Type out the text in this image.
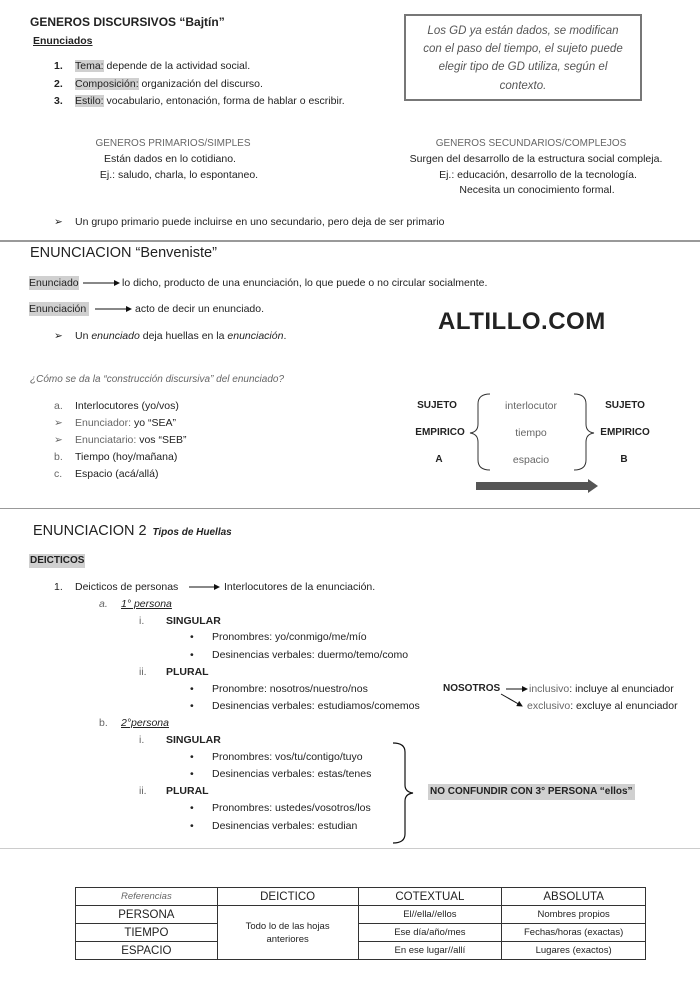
GENEROS DISCURSIVOS “Bajtín”
Enunciados
1. Tema: depende de la actividad social.
2. Composición: organización del discurso.
3. Estilo: vocabulario, entonación, forma de hablar o escribir.
Los GD ya están dados, se modifican
con el paso del tiempo, el sujeto puede
elegir tipo de GD utiliza, según el
contexto.
GENEROS PRIMARIOS/SIMPLES
Están dados en lo cotidiano.
Ej.: saludo, charla, lo espontaneo.
GENEROS SECUNDARIOS/COMPLEJOS
Surgen del desarrollo de la estructura social compleja.
Ej.: educación, desarrollo de la tecnología.
Necesita un conocimiento formal.
➢ Un grupo primario puede incluirse en uno secundario, pero deja de ser primario
ENUNCIACION “Benveniste”
Enunciado	lo dicho, producto de una enunciación, lo que puede o no circular socialmente.
Enunciación	acto de decir un enunciado.	ALTILLO.COM
➢ Un enunciado deja huellas en la enunciación.
¿Cómo se da la “construcción discursiva” del enunciado?
a. Interlocutores (yo/vos)
➢ Enunciador: yo “SEA”
➢ Enunciatario: vos “SEB”
b. Tiempo (hoy/mañana)
c. Espacio (acá/allá)
SUJETO
EMPIRICO
A
interlocutor
tiempo
espacio
SUJETO
EMPIRICO
B
ENUNCIACION 2 Tipos de Huellas
DEICTICOS
1. Deicticos de personas	Interlocutores de la enunciación.
a. 1° persona
i. SINGULAR
• Pronombres: yo/conmigo/me/mío
• Desinencias verbales: duermo/temo/como
ii. PLURAL
• Pronombre: nosotros/nuestro/nos
• Desinencias verbales: estudiamos/comemos
NOSOTROS	inclusivo: incluye al enunciador
exclusivo: excluye al enunciador
b. 2°persona
i. SINGULAR
• Pronombres: vos/tu/contigo/tuyo
• Desinencias verbales: estas/tenes
ii. PLURAL
• Pronombres: ustedes/vosotros/los
• Desinencias verbales: estudian
NO CONFUNDIR CON 3° PERSONA “ellos”
Referencias	DEICTICO	COTEXTUAL	ABSOLUTA
PERSONA	Todo lo de las hojas anteriores	El//ella//ellos	Nombres propios
TIEMPO		Ese día/año/mes	Fechas/horas (exactas)
ESPACIO		En ese lugar//allí	Lugares (exactos)
